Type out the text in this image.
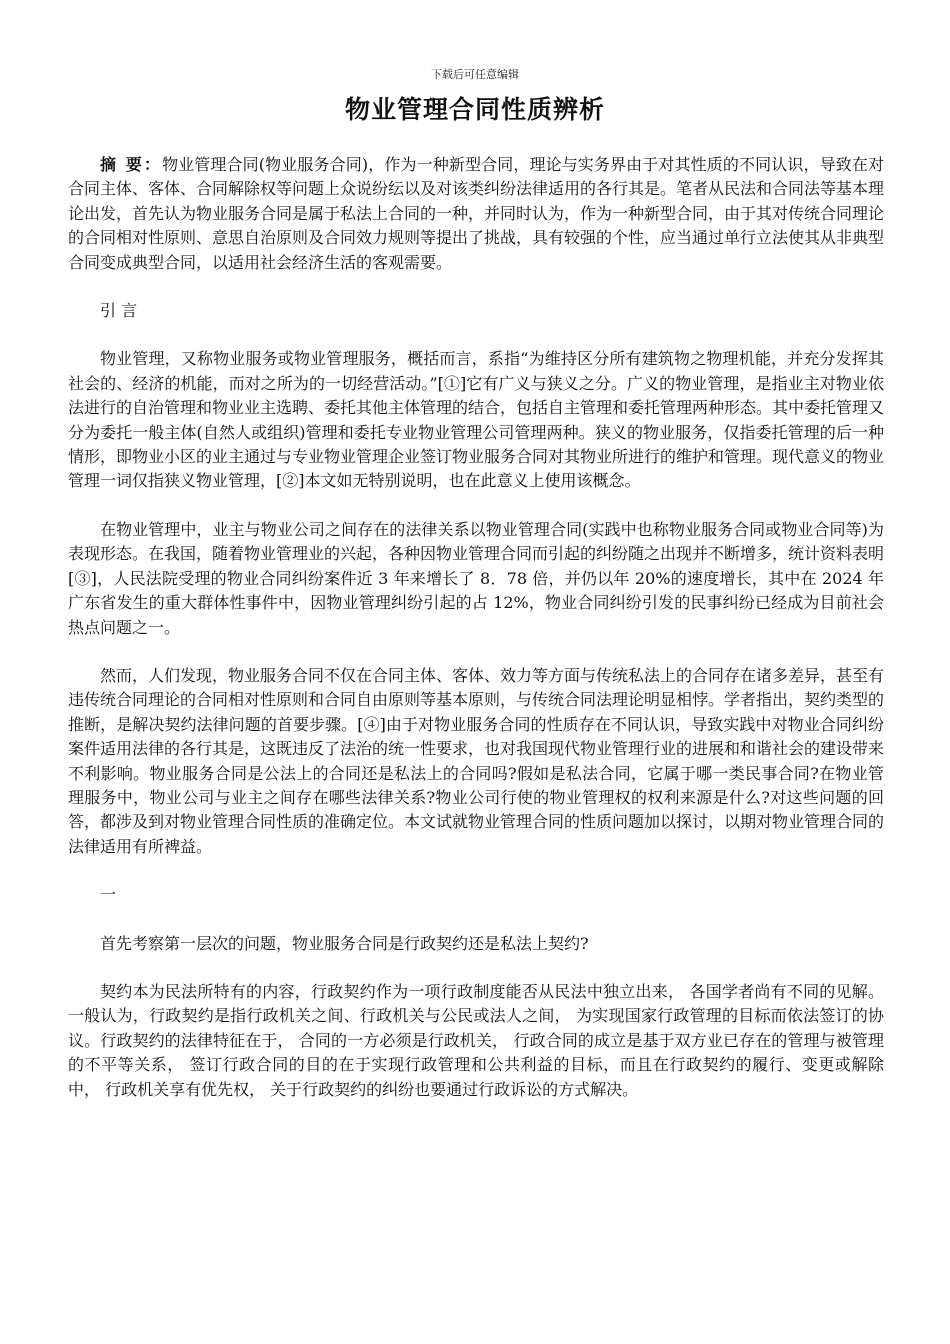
下载后可任意编辑
物业管理合同性质辨析

摘 要：物业管理合同(物业服务合同)，作为一种新型合同，理论与实务界由于对其性质的不同认识，导致在对合同主体、客体、合同解除权等问题上众说纷纭以及对该类纠纷法律适用的各行其是。笔者从民法和合同法等基本理论出发，首先认为物业服务合同是属于私法上合同的一种，并同时认为，作为一种新型合同，由于其对传统合同理论的合同相对性原则、意思自治原则及合同效力规则等提出了挑战，具有较强的个性，应当通过单行立法使其从非典型合同变成典型合同，以适用社会经济生活的客观需要。

引 言

物业管理，又称物业服务或物业管理服务，概括而言，系指“为维持区分所有建筑物之物理机能，并充分发挥其社会的、经济的机能，而对之所为的一切经营活动。”[①]它有广义与狭义之分。广义的物业管理，是指业主对物业依法进行的自治管理和物业业主选聘、委托其他主体管理的结合，包括自主管理和委托管理两种形态。其中委托管理又分为委托一般主体(自然人或组织)管理和委托专业物业管理公司管理两种。狭义的物业服务，仅指委托管理的后一种情形，即物业小区的业主通过与专业物业管理企业签订物业服务合同对其物业所进行的维护和管理。现代意义的物业管理一词仅指狭义物业管理，[②]本文如无特别说明，也在此意义上使用该概念。

在物业管理中，业主与物业公司之间存在的法律关系以物业管理合同(实践中也称物业服务合同或物业合同等)为表现形态。在我国，随着物业管理业的兴起，各种因物业管理合同而引起的纠纷随之出现并不断增多，统计资料表明[③]，人民法院受理的物业合同纠纷案件近 3 年来增长了 8．78 倍，并仍以年 20%的速度增长，其中在 2024 年广东省发生的重大群体性事件中，因物业管理纠纷引起的占 12%，物业合同纠纷引发的民事纠纷已经成为目前社会热点问题之一。

然而，人们发现，物业服务合同不仅在合同主体、客体、效力等方面与传统私法上的合同存在诸多差异，甚至有违传统合同理论的合同相对性原则和合同自由原则等基本原则，与传统合同法理论明显相悖。学者指出，契约类型的推断，是解决契约法律问题的首要步骤。[④]由于对物业服务合同的性质存在不同认识，导致实践中对物业合同纠纷案件适用法律的各行其是，这既违反了法治的统一性要求，也对我国现代物业管理行业的进展和和谐社会的建设带来不利影响。物业服务合同是公法上的合同还是私法上的合同吗?假如是私法合同，它属于哪一类民事合同?在物业管理服务中，物业公司与业主之间存在哪些法律关系?物业公司行使的物业管理权的权利来源是什么?对这些问题的回答，都涉及到对物业管理合同性质的准确定位。本文试就物业管理合同的性质问题加以探讨，以期对物业管理合同的法律适用有所裨益。

一

首先考察第一层次的问题，物业服务合同是行政契约还是私法上契约?

契约本为民法所特有的内容，行政契约作为一项行政制度能否从民法中独立出来， 各国学者尚有不同的见解。一般认为，行政契约是指行政机关之间、行政机关与公民或法人之间， 为实现国家行政管理的目标而依法签订的协议。行政契约的法律特征在于， 合同的一方必须是行政机关， 行政合同的成立是基于双方业已存在的管理与被管理的不平等关系， 签订行政合同的目的在于实现行政管理和公共利益的目标，而且在行政契约的履行、变更或解除中， 行政机关享有优先权， 关于行政契约的纠纷也要通过行政诉讼的方式解决。
